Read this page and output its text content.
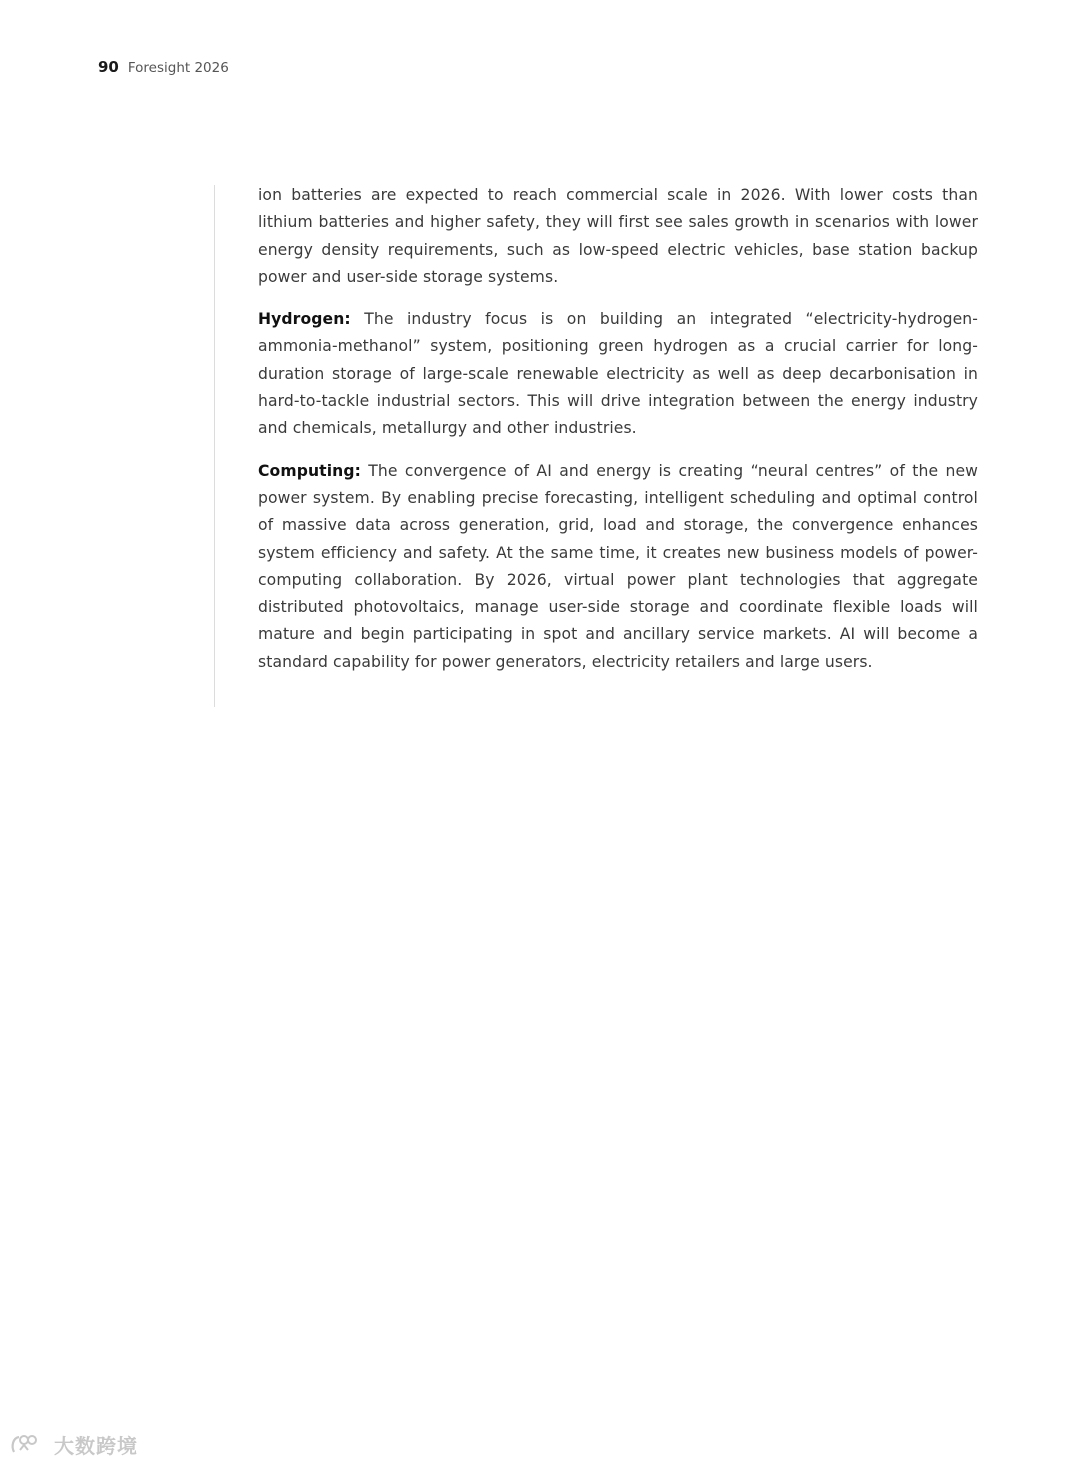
90 Foresight 2026

ion batteries are expected to reach commercial scale in 2026. With lower costs than lithium batteries and higher safety, they will first see sales growth in scenarios with lower energy density requirements, such as low-speed electric vehicles, base station backup power and user-side storage systems.

Hydrogen: The industry focus is on building an integrated “electricity-hydrogen-ammonia-methanol” system, positioning green hydrogen as a crucial carrier for long-duration storage of large-scale renewable electricity as well as deep decarbonisation in hard-to-tackle industrial sectors. This will drive integration between the energy industry and chemicals, metallurgy and other industries.

Computing: The convergence of AI and energy is creating “neural centres” of the new power system. By enabling precise forecasting, intelligent scheduling and optimal control of massive data across generation, grid, load and storage, the convergence enhances system efficiency and safety. At the same time, it creates new business models of power-computing collaboration. By 2026, virtual power plant technologies that aggregate distributed photovoltaics, manage user-side storage and coordinate flexible loads will mature and begin participating in spot and ancillary service markets. AI will become a standard capability for power generators, electricity retailers and large users.

大数跨境
